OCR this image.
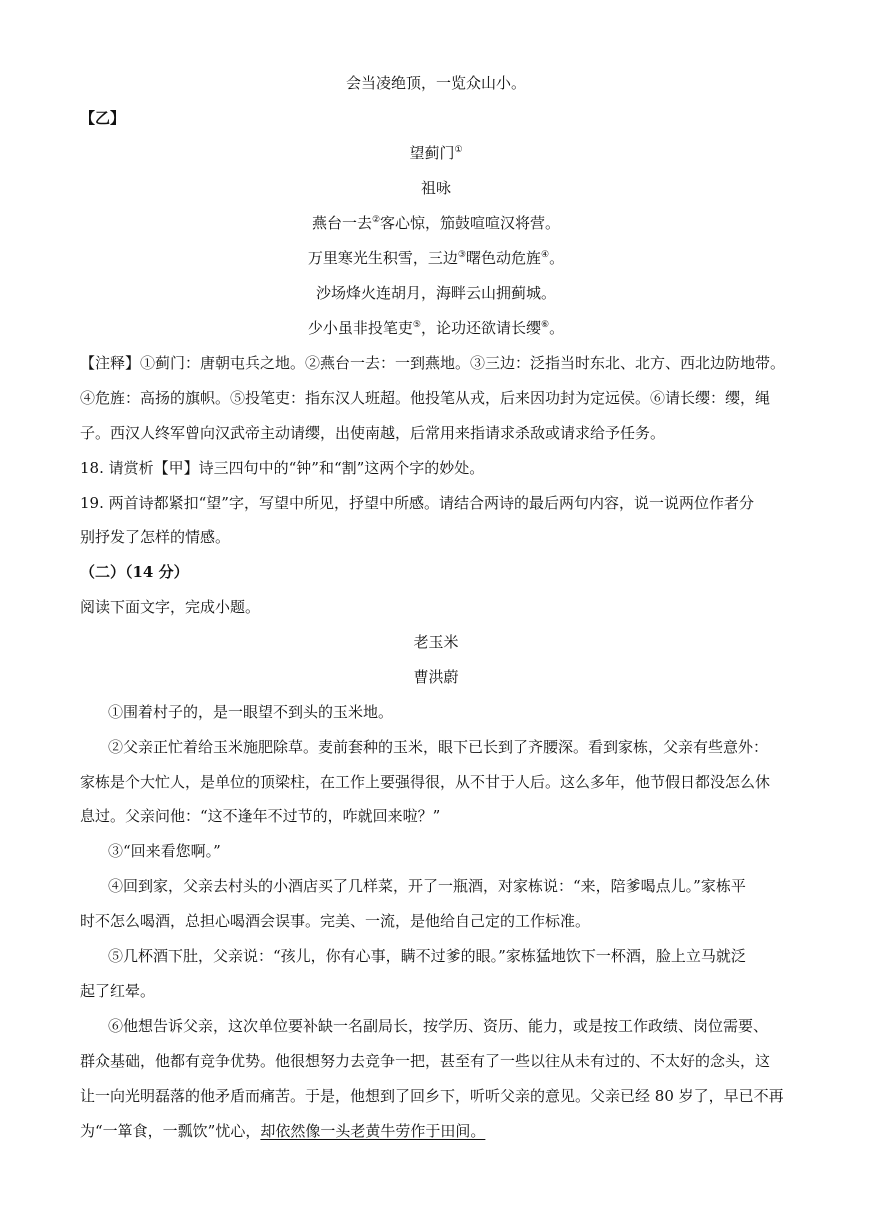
会当凌绝顶，一览众山小。
【乙】
望蓟门①
祖咏
燕台一去②客心惊，笳鼓喧喧汉将营。
万里寒光生积雪，三边③曙色动危旌④。
沙场烽火连胡月，海畔云山拥蓟城。
少小虽非投笔吏⑤，论功还欲请长缨⑥。
【注释】①蓟门：唐朝屯兵之地。②燕台一去：一到燕地。③三边：泛指当时东北、北方、西北边防地带。
④危旌：高扬的旗帜。⑤投笔吏：指东汉人班超。他投笔从戎，后来因功封为定远侯。⑥请长缨：缨，绳
子。西汉人终军曾向汉武帝主动请缨，出使南越，后常用来指请求杀敌或请求给予任务。
18. 请赏析【甲】诗三四句中的“钟”和“割”这两个字的妙处。
19. 两首诗都紧扣“望”字，写望中所见，抒望中所感。请结合两诗的最后两句内容，说一说两位作者分
别抒发了怎样的情感。
（二）（14 分）
阅读下面文字，完成小题。
老玉米
曹洪蔚
①围着村子的，是一眼望不到头的玉米地。
②父亲正忙着给玉米施肥除草。麦前套种的玉米，眼下已长到了齐腰深。看到家栋，父亲有些意外：
家栋是个大忙人，是单位的顶梁柱，在工作上要强得很，从不甘于人后。这么多年，他节假日都没怎么休
息过。父亲问他：“这不逢年不过节的，咋就回来啦？”
③“回来看您啊。”
④回到家，父亲去村头的小酒店买了几样菜，开了一瓶酒，对家栋说：“来，陪爹喝点儿。”家栋平
时不怎么喝酒，总担心喝酒会误事。完美、一流，是他给自己定的工作标准。
⑤几杯酒下肚，父亲说：“孩儿，你有心事，瞒不过爹的眼。”家栋猛地饮下一杯酒，脸上立马就泛
起了红晕。
⑥他想告诉父亲，这次单位要补缺一名副局长，按学历、资历、能力，或是按工作政绩、岗位需要、
群众基础，他都有竞争优势。他很想努力去竞争一把，甚至有了一些以往从未有过的、不太好的念头，这
让一向光明磊落的他矛盾而痛苦。于是，他想到了回乡下，听听父亲的意见。父亲已经 80 岁了，早已不再
为“一箪食，一瓢饮”忧心，却依然像一头老黄牛劳作于田间。
